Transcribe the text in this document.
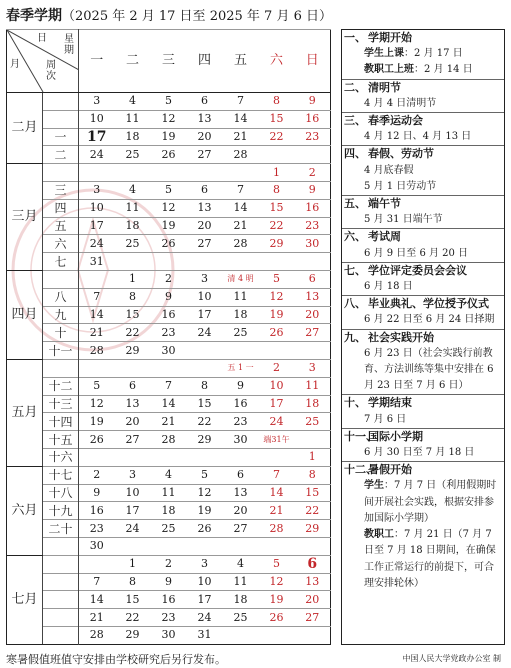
春季学期（2025 年 2 月 17 日至 2025 年 7 月 6 日）
日 星期
月 周次		一	二	三	四	五	六	日
二月		3	4	5	6	7	8	9
		10	11	12	13	14	15	16
	一	17	18	19	20	21	22	23
	二	24	25	26	27	28		
三月							1	2
	三	3	4	5	6	7	8	9
	四	10	11	12	13	14	15	16
	五	17	18	19	20	21	22	23
	六	24	25	26	27	28	29	30
	七	31						
四月			1	2	3	清 4 明	5	6
	八	7	8	9	10	11	12	13
	九	14	15	16	17	18	19	20
	十	21	22	23	24	25	26	27
	十一	28	29	30				
五月						五 1 一	2	3
	十二	5	6	7	8	9	10	11
	十三	12	13	14	15	16	17	18
	十四	19	20	21	22	23	24	25
	十五	26	27	28	29	30	端31午	
	十六							1
六月	十七	2	3	4	5	6	7	8
	十八	9	10	11	12	13	14	15
	十九	16	17	18	19	20	21	22
	二十	23	24	25	26	27	28	29
		30						
七月			1	2	3	4	5	6
		7	8	9	10	11	12	13
		14	15	16	17	18	19	20
		21	22	23	24	25	26	27
		28	29	30	31			
一、 学期开始
学生上课：2 月 17 日
教职工上班：2 月 14 日
二、 清明节
4 月 4 日清明节
三、 春季运动会
4 月 12 日、4 月 13 日
四、 春假、劳动节
4 月底春假
5 月 1 日劳动节
五、 端午节
5 月 31 日端午节
六、 考试周
6 月 9 日至 6 月 20 日
七、 学位评定委员会会议
6 月 18 日
八、 毕业典礼、学位授予仪式
6 月 22 日至 6 月 24 日择期
九、 社会实践开始
6 月 23 日（社会实践行前教育、方法训练等集中安排在 6 月 23 日至 7 月 6 日）
十、 学期结束
7 月 6 日
十一、国际小学期
6 月 30 日至 7 月 18 日
十二、暑假开始
学生：7 月 7 日（利用假期时间开展社会实践，根据安排参加国际小学期）
教职工：7 月 21 日（7 月 7 日至 7 月 18 日期间，在确保工作正常运行的前提下，可合理安排轮休）
寒暑假值班值守安排由学校研究后另行发布。	中国人民大学党政办公室 制
